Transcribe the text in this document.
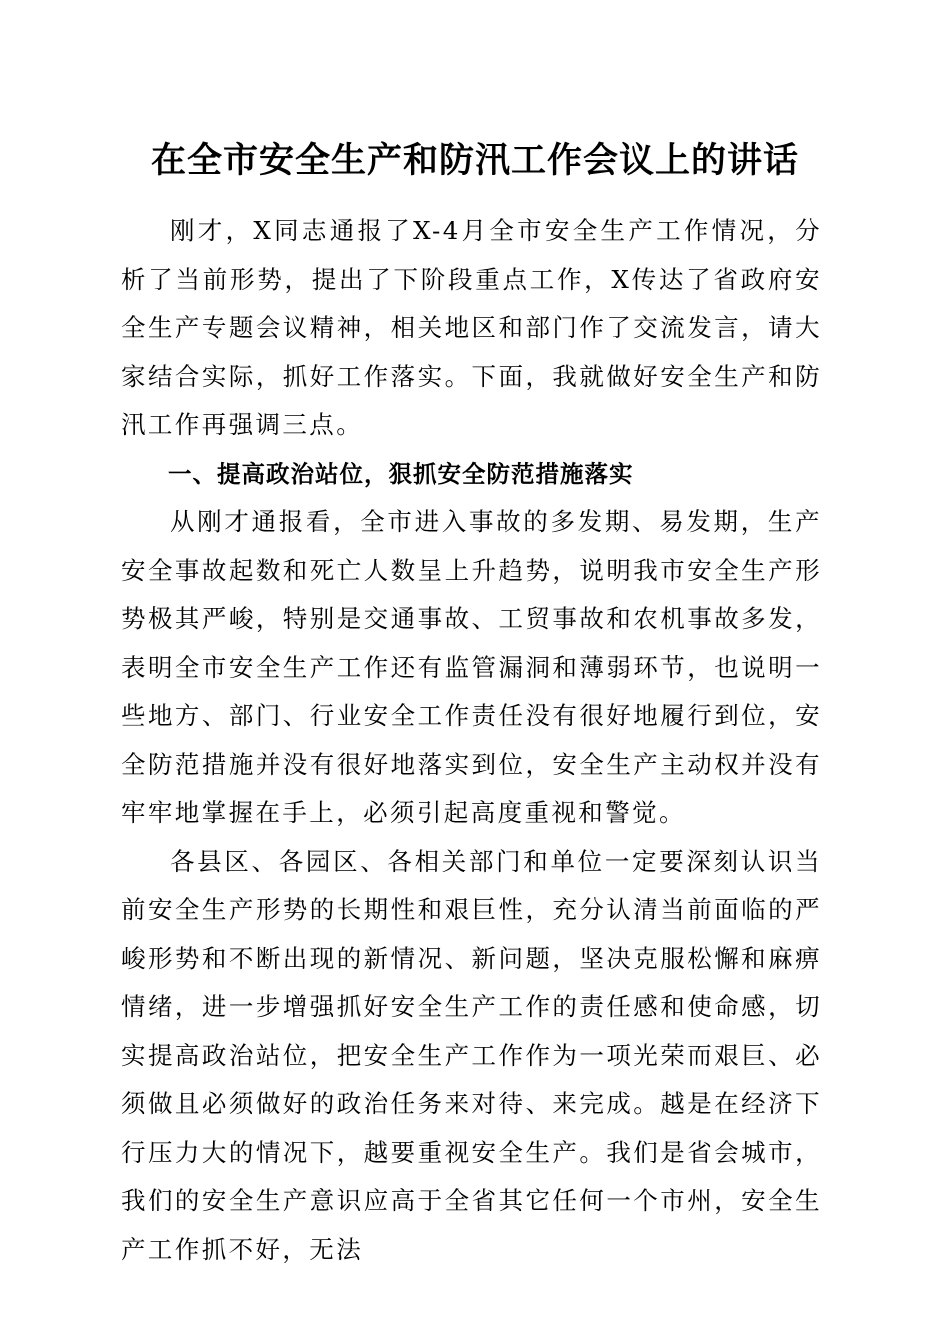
在全市安全生产和防汛工作会议上的讲话

刚才，X同志通报了X-4月全市安全生产工作情况，分析了当前形势，提出了下阶段重点工作，X传达了省政府安全生产专题会议精神，相关地区和部门作了交流发言，请大家结合实际，抓好工作落实。下面，我就做好安全生产和防汛工作再强调三点。

一、提高政治站位，狠抓安全防范措施落实

从刚才通报看，全市进入事故的多发期、易发期，生产安全事故起数和死亡人数呈上升趋势，说明我市安全生产形势极其严峻，特别是交通事故、工贸事故和农机事故多发，表明全市安全生产工作还有监管漏洞和薄弱环节，也说明一些地方、部门、行业安全工作责任没有很好地履行到位，安全防范措施并没有很好地落实到位，安全生产主动权并没有牢牢地掌握在手上，必须引起高度重视和警觉。

各县区、各园区、各相关部门和单位一定要深刻认识当前安全生产形势的长期性和艰巨性，充分认清当前面临的严峻形势和不断出现的新情况、新问题，坚决克服松懈和麻痹情绪，进一步增强抓好安全生产工作的责任感和使命感，切实提高政治站位，把安全生产工作作为一项光荣而艰巨、必须做且必须做好的政治任务来对待、来完成。越是在经济下行压力大的情况下，越要重视安全生产。我们是省会城市，我们的安全生产意识应高于全省其它任何一个市州，安全生产工作抓不好，无法
